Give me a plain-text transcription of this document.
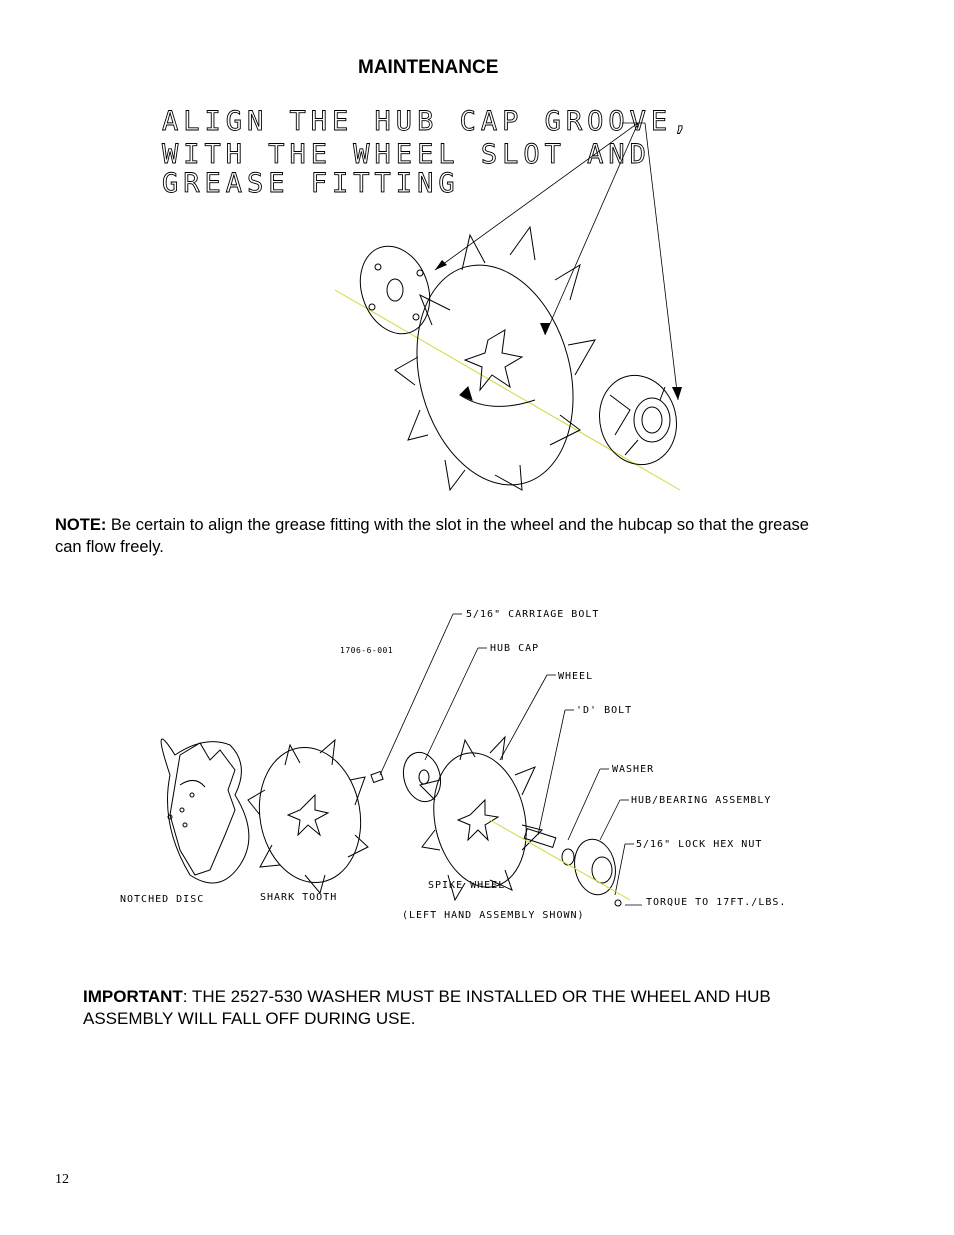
MAINTENANCE
ALIGN THE HUB CAP GROOVE,
WITH THE WHEEL SLOT AND
GREASE FITTING
NOTE: Be certain to align the grease fitting with the slot in the wheel and the hubcap so that the grease can flow freely.
1706-6-001
5/16" CARRIAGE BOLT
HUB CAP
WHEEL
'D' BOLT
WASHER
HUB/BEARING ASSEMBLY
5/16" LOCK HEX NUT
TORQUE TO 17FT./LBS.
NOTCHED DISC	SHARK TOOTH
SPIKE WHEEL
(LEFT HAND ASSEMBLY SHOWN)
IMPORTANT: THE 2527-530 WASHER MUST BE INSTALLED OR THE WHEEL AND HUB ASSEMBLY WILL FALL OFF DURING USE.
12
